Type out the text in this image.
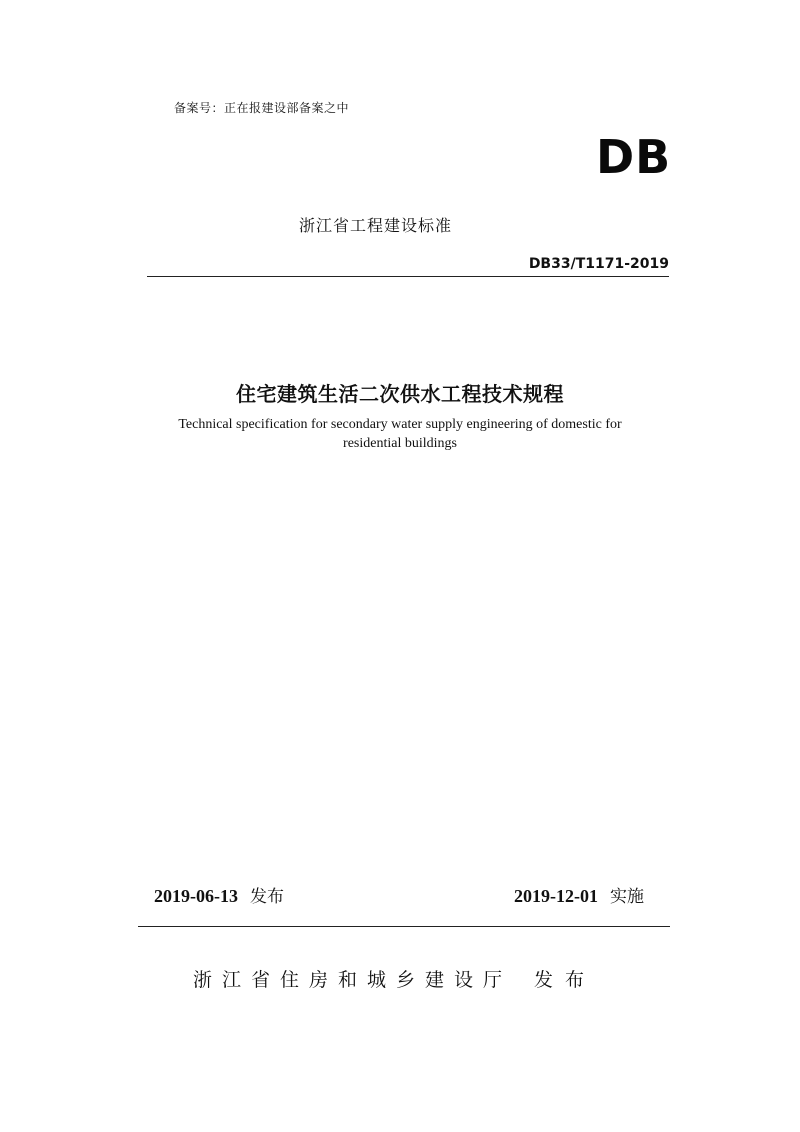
备案号：正在报建设部备案之中
DB
浙江省工程建设标准
DB33/T1171-2019
住宅建筑生活二次供水工程技术规程
Technical specification for secondary water supply engineering of domestic for
residential buildings
2019-06-13 发布	2019-12-01 实施
浙江省住房和城乡建设厅 发布
